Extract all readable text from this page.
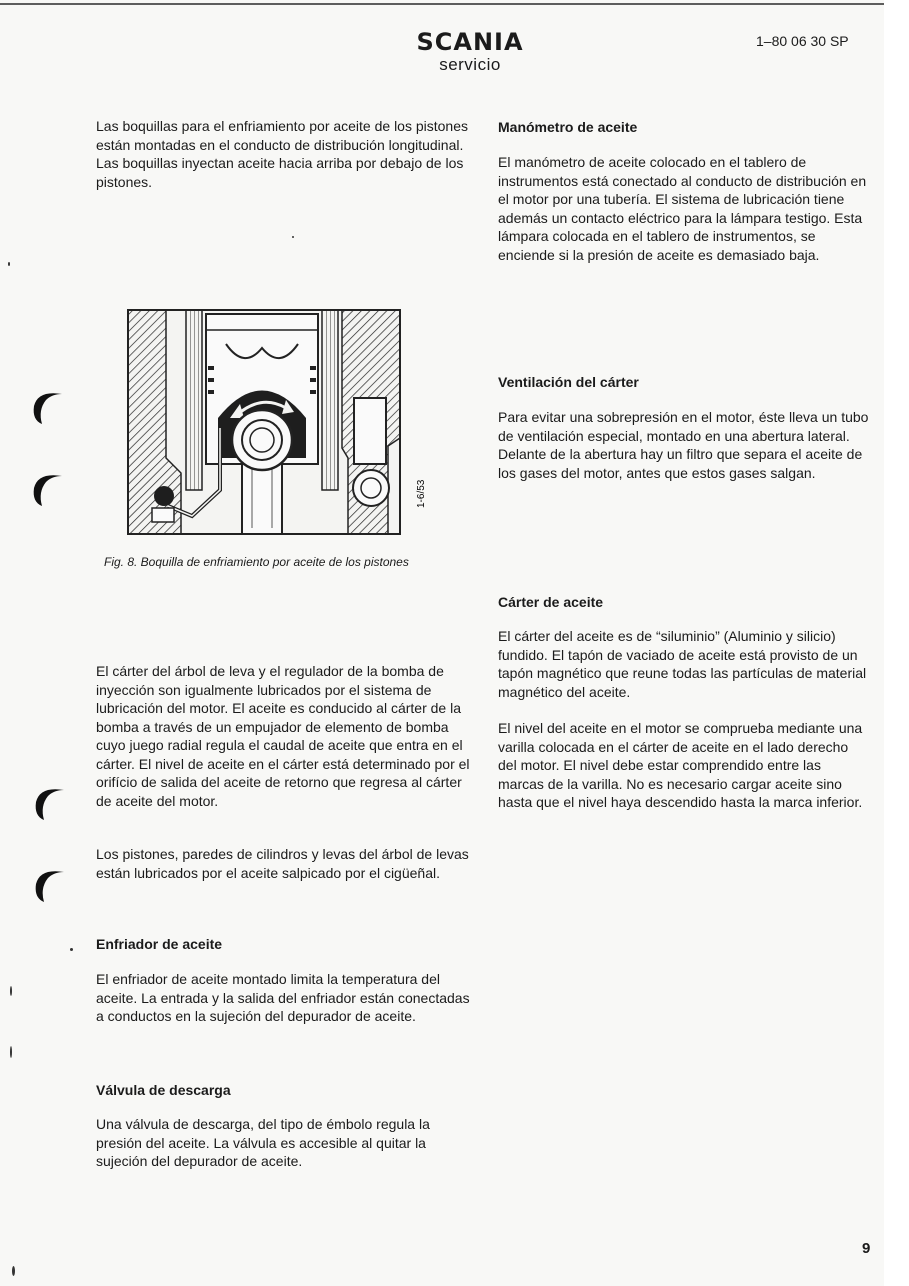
SCANIA
servicio
1–80 06 30 SP

Las boquillas para el enfriamiento por aceite de los pistones están montadas en el conducto de distribución longitudinal. Las boquillas inyectan aceite hacia arriba por debajo de los pistones.

1-6/53

Fig. 8. Boquilla de enfriamiento por aceite de los pistones

El cárter del árbol de leva y el regulador de la bomba de inyección son igualmente lubricados por el sistema de lubricación del motor. El aceite es conducido al cárter de la bomba a través de un empujador de elemento de bomba cuyo juego radial regula el caudal de aceite que entra en el cárter. El nivel de aceite en el cárter está determinado por el orifício de salida del aceite de retorno que regresa al cárter de aceite del motor.

Los pistones, paredes de cilindros y levas del árbol de levas están lubricados por el aceite salpicado por el cigüeñal.

Enfriador de aceite

El enfriador de aceite montado limita la temperatura del aceite. La entrada y la salida del enfriador están conectadas a conductos en la sujeción del depurador de aceite.

Válvula de descarga

Una válvula de descarga, del tipo de émbolo regula la presión del aceite. La válvula es accesible al quitar la sujeción del depurador de aceite.

Manómetro de aceite

El manómetro de aceite colocado en el tablero de instrumentos está conectado al conducto de distribución en el motor por una tubería. El sistema de lubricación tiene además un contacto eléctrico para la lámpara testigo. Esta lámpara colocada en el tablero de instrumentos, se enciende si la presión de aceite es demasiado baja.

Ventilación del cárter

Para evitar una sobrepresión en el motor, éste lleva un tubo de ventilación especial, montado en una abertura lateral. Delante de la abertura hay un filtro que separa el aceite de los gases del motor, antes que estos gases salgan.

Cárter de aceite

El cárter del aceite es de “siluminio” (Aluminio y silicio) fundido. El tapón de vaciado de aceite está provisto de un tapón magnético que reune todas las partículas de material magnético del aceite.

El nivel del aceite en el motor se comprueba mediante una varilla colocada en el cárter de aceite en el lado derecho del motor. El nivel debe estar comprendido entre las marcas de la varilla. No es necesario cargar aceite sino hasta que el nivel haya descendido hasta la marca inferior.

9
